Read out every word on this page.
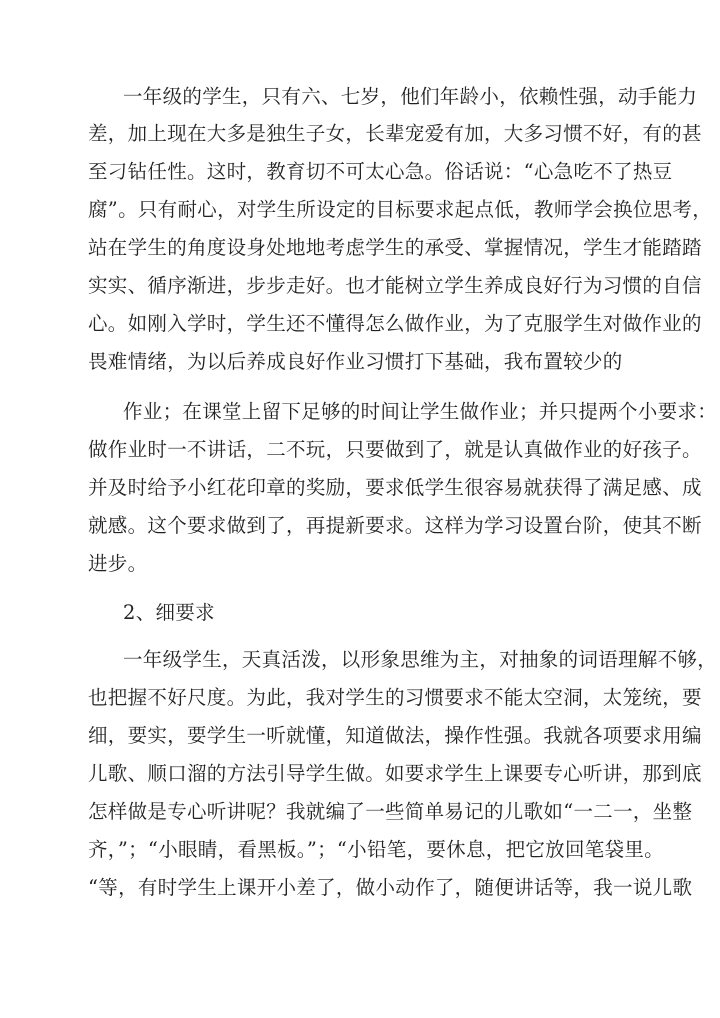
一年级的学生，只有六、七岁，他们年龄小，依赖性强，动手能力
差，加上现在大多是独生子女，长辈宠爱有加，大多习惯不好，有的甚
至刁钻任性。这时，教育切不可太心急。俗话说：“心急吃不了热豆
腐”。只有耐心，对学生所设定的目标要求起点低，教师学会换位思考，
站在学生的角度设身处地地考虑学生的承受、掌握情况，学生才能踏踏
实实、循序渐进，步步走好。也才能树立学生养成良好行为习惯的自信
心。如刚入学时，学生还不懂得怎么做作业，为了克服学生对做作业的
畏难情绪，为以后养成良好作业习惯打下基础，我布置较少的
作业；在课堂上留下足够的时间让学生做作业；并只提两个小要求：
做作业时一不讲话，二不玩，只要做到了，就是认真做作业的好孩子。
并及时给予小红花印章的奖励，要求低学生很容易就获得了满足感、成
就感。这个要求做到了，再提新要求。这样为学习设置台阶，使其不断
进步。
2、细要求
一年级学生，天真活泼，以形象思维为主，对抽象的词语理解不够，
也把握不好尺度。为此，我对学生的习惯要求不能太空洞，太笼统，要
细，要实，要学生一听就懂，知道做法，操作性强。我就各项要求用编
儿歌、顺口溜的方法引导学生做。如要求学生上课要专心听讲，那到底
怎样做是专心听讲呢？我就编了一些简单易记的儿歌如“一二一，坐整
齐，”；“小眼睛，看黑板。”；“小铅笔，要休息，把它放回笔袋里。
“等，有时学生上课开小差了，做小动作了，随便讲话等，我一说儿歌
